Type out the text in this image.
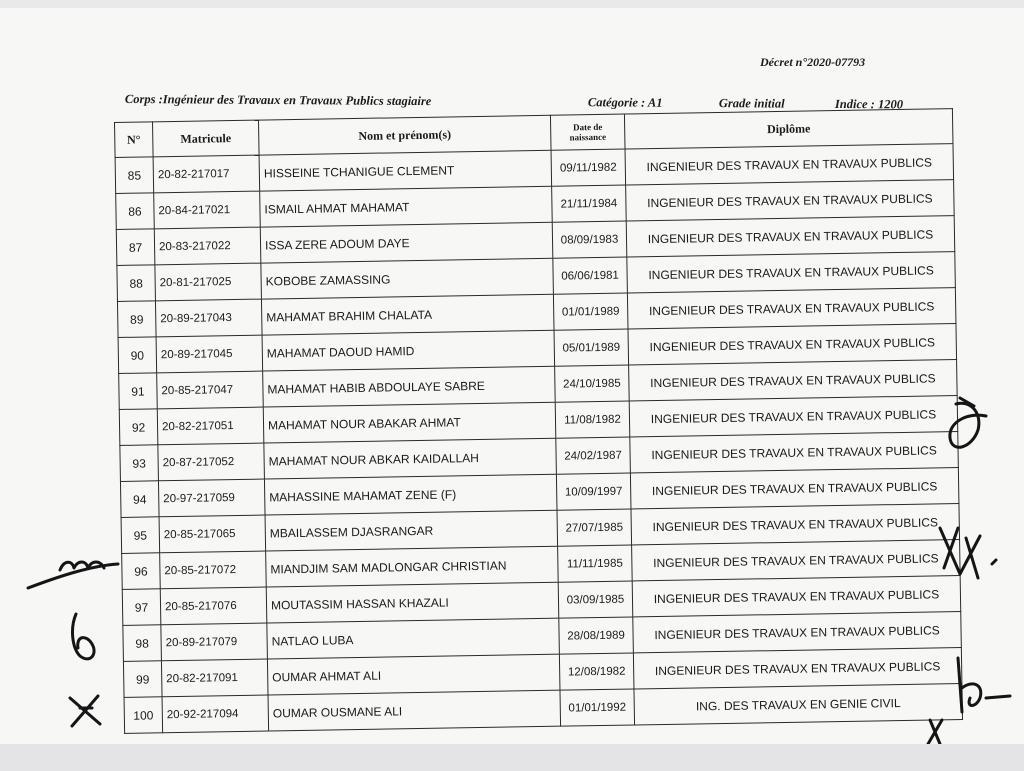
Décret n°2020-07793
Corps :Ingénieur des Travaux en Travaux Publics stagiaire	Catégorie : A1	Grade initial	Indice : 1200
N°	Matricule	Nom et prénom(s)	Date de naissance	Diplôme
85	20-82-217017	HISSEINE TCHANIGUE CLEMENT	09/11/1982	INGENIEUR DES TRAVAUX EN TRAVAUX PUBLICS
86	20-84-217021	ISMAIL AHMAT MAHAMAT	21/11/1984	INGENIEUR DES TRAVAUX EN TRAVAUX PUBLICS
87	20-83-217022	ISSA ZERE ADOUM DAYE	08/09/1983	INGENIEUR DES TRAVAUX EN TRAVAUX PUBLICS
88	20-81-217025	KOBOBE ZAMASSING	06/06/1981	INGENIEUR DES TRAVAUX EN TRAVAUX PUBLICS
89	20-89-217043	MAHAMAT BRAHIM CHALATA	01/01/1989	INGENIEUR DES TRAVAUX EN TRAVAUX PUBLICS
90	20-89-217045	MAHAMAT DAOUD HAMID	05/01/1989	INGENIEUR DES TRAVAUX EN TRAVAUX PUBLICS
91	20-85-217047	MAHAMAT HABIB ABDOULAYE SABRE	24/10/1985	INGENIEUR DES TRAVAUX EN TRAVAUX PUBLICS
92	20-82-217051	MAHAMAT NOUR ABAKAR AHMAT	11/08/1982	INGENIEUR DES TRAVAUX EN TRAVAUX PUBLICS
93	20-87-217052	MAHAMAT NOUR ABKAR KAIDALLAH	24/02/1987	INGENIEUR DES TRAVAUX EN TRAVAUX PUBLICS
94	20-97-217059	MAHASSINE MAHAMAT ZENE (F)	10/09/1997	INGENIEUR DES TRAVAUX EN TRAVAUX PUBLICS
95	20-85-217065	MBAILASSEM DJASRANGAR	27/07/1985	INGENIEUR DES TRAVAUX EN TRAVAUX PUBLICS
96	20-85-217072	MIANDJIM SAM MADLONGAR CHRISTIAN	11/11/1985	INGENIEUR DES TRAVAUX EN TRAVAUX PUBLICS
97	20-85-217076	MOUTASSIM HASSAN KHAZALI	03/09/1985	INGENIEUR DES TRAVAUX EN TRAVAUX PUBLICS
98	20-89-217079	NATLAO LUBA	28/08/1989	INGENIEUR DES TRAVAUX EN TRAVAUX PUBLICS
99	20-82-217091	OUMAR AHMAT ALI	12/08/1982	INGENIEUR DES TRAVAUX EN TRAVAUX PUBLICS
100	20-92-217094	OUMAR OUSMANE ALI	01/01/1992	ING. DES TRAVAUX EN GENIE CIVIL
